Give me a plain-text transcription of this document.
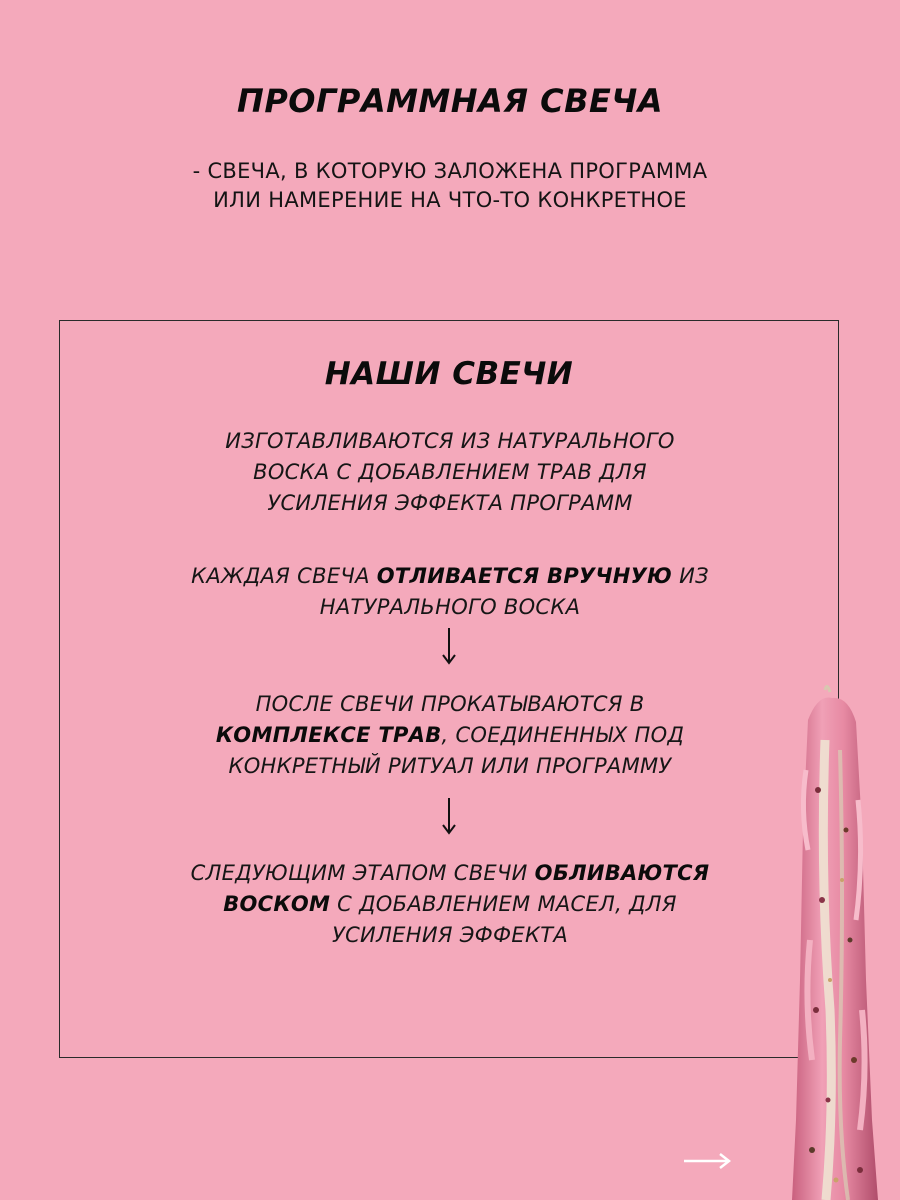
ПРОГРАММНАЯ СВЕЧА
- СВЕЧА, В КОТОРУЮ ЗАЛОЖЕНА ПРОГРАММА
ИЛИ НАМЕРЕНИЕ НА ЧТО-ТО КОНКРЕТНОЕ
НАШИ СВЕЧИ
ИЗГОТАВЛИВАЮТСЯ ИЗ НАТУРАЛЬНОГО
ВОСКА С ДОБАВЛЕНИЕМ ТРАВ ДЛЯ
УСИЛЕНИЯ ЭФФЕКТА ПРОГРАММ
КАЖДАЯ СВЕЧА ОТЛИВАЕТСЯ ВРУЧНУЮ ИЗ
НАТУРАЛЬНОГО ВОСКА
ПОСЛЕ СВЕЧИ ПРОКАТЫВАЮТСЯ В
КОМПЛЕКСЕ ТРАВ, СОЕДИНЕННЫХ ПОД
КОНКРЕТНЫЙ РИТУАЛ ИЛИ ПРОГРАММУ
СЛЕДУЮЩИМ ЭТАПОМ СВЕЧИ ОБЛИВАЮТСЯ
ВОСКОМ С ДОБАВЛЕНИЕМ МАСЕЛ, ДЛЯ
УСИЛЕНИЯ ЭФФЕКТА
